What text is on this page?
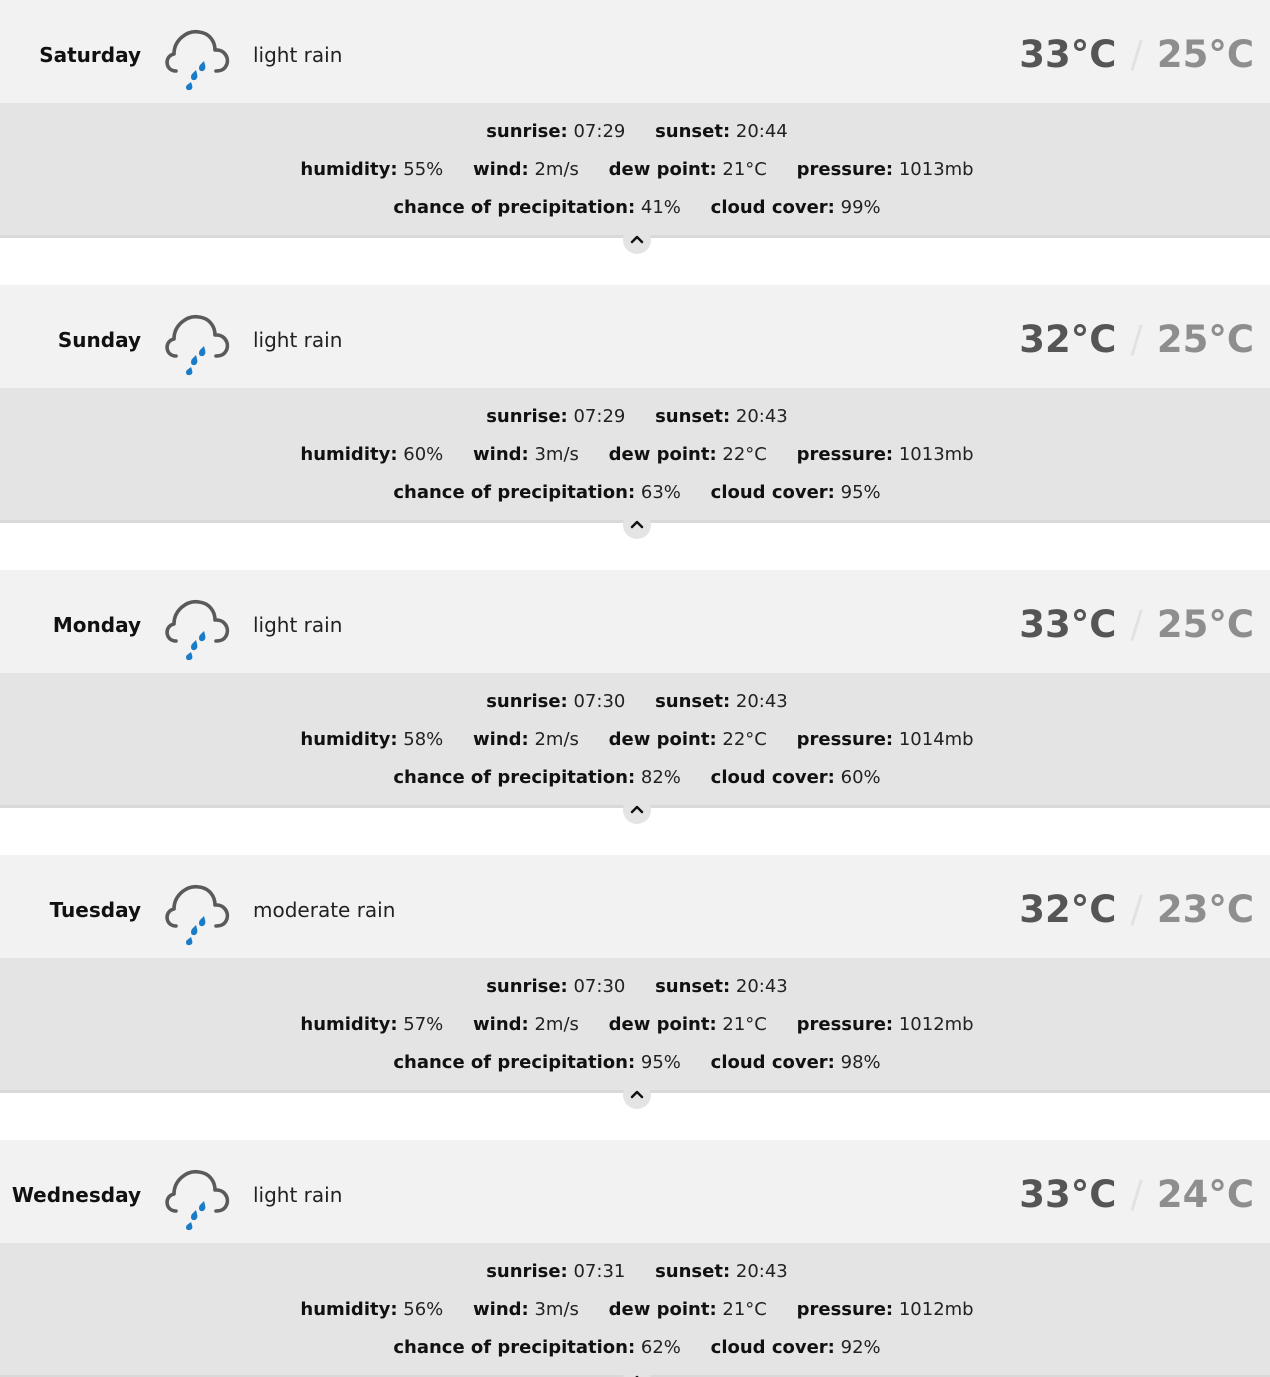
Saturday	light rain	33°C / 25°C
sunrise: 07:29 sunset: 20:44
humidity: 55% wind: 2m/s dew point: 21°C pressure: 1013mb
chance of precipitation: 41% cloud cover: 99%
Sunday	light rain	32°C / 25°C
sunrise: 07:29 sunset: 20:43
humidity: 60% wind: 3m/s dew point: 22°C pressure: 1013mb
chance of precipitation: 63% cloud cover: 95%
Monday	light rain	33°C / 25°C
sunrise: 07:30 sunset: 20:43
humidity: 58% wind: 2m/s dew point: 22°C pressure: 1014mb
chance of precipitation: 82% cloud cover: 60%
Tuesday	moderate rain	32°C / 23°C
sunrise: 07:30 sunset: 20:43
humidity: 57% wind: 2m/s dew point: 21°C pressure: 1012mb
chance of precipitation: 95% cloud cover: 98%
Wednesday	light rain	33°C / 24°C
sunrise: 07:31 sunset: 20:43
humidity: 56% wind: 3m/s dew point: 21°C pressure: 1012mb
chance of precipitation: 62% cloud cover: 92%
